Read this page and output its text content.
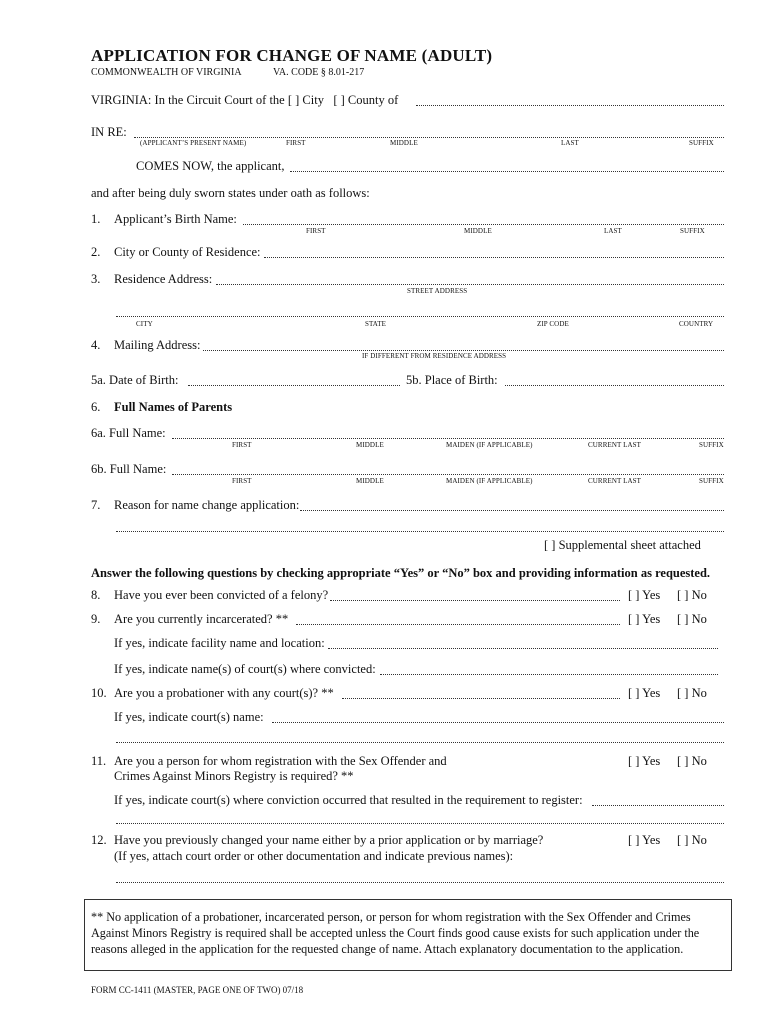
APPLICATION FOR CHANGE OF NAME (ADULT)
COMMONWEALTH OF VIRGINIA	VA. CODE § 8.01-217
VIRGINIA: In the Circuit Court of the [ ] City [ ] County of
IN RE:
(APPLICANT’S PRESENT NAME)	FIRST	MIDDLE	LAST	SUFFIX
COMES NOW, the applicant,
and after being duly sworn states under oath as follows:
1. Applicant’s Birth Name:
FIRST	MIDDLE	LAST	SUFFIX
2. City or County of Residence:
3. Residence Address:
STREET ADDRESS
CITY	STATE	ZIP CODE	COUNTRY
4. Mailing Address:
IF DIFFERENT FROM RESIDENCE ADDRESS
5a. Date of Birth:	5b. Place of Birth:
6. Full Names of Parents
6a. Full Name:
FIRST	MIDDLE	MAIDEN (IF APPLICABLE)	CURRENT LAST	SUFFIX
6b. Full Name:
FIRST	MIDDLE	MAIDEN (IF APPLICABLE)	CURRENT LAST	SUFFIX
7. Reason for name change application:
[ ] Supplemental sheet attached
Answer the following questions by checking appropriate “Yes” or “No” box and providing information as requested.
8. Have you ever been convicted of a felony?	[ ] Yes [ ] No
9. Are you currently incarcerated? **	[ ] Yes [ ] No
If yes, indicate facility name and location:
If yes, indicate name(s) of court(s) where convicted:
10. Are you a probationer with any court(s)? **	[ ] Yes [ ] No
If yes, indicate court(s) name:
11. Are you a person for whom registration with the Sex Offender and
Crimes Against Minors Registry is required? **
[ ] Yes [ ] No
If yes, indicate court(s) where conviction occurred that resulted in the requirement to register:
12. Have you previously changed your name either by a prior application or by marriage?
(If yes, attach court order or other documentation and indicate previous names):
[ ] Yes [ ] No

** No application of a probationer, incarcerated person, or person for whom registration with the Sex Offender and Crimes Against Minors Registry is required shall be accepted unless the Court finds good cause exists for such application under the reasons alleged in the application for the requested change of name. Attach explanatory documentation to the application.

FORM CC-1411 (MASTER, PAGE ONE OF TWO) 07/18
